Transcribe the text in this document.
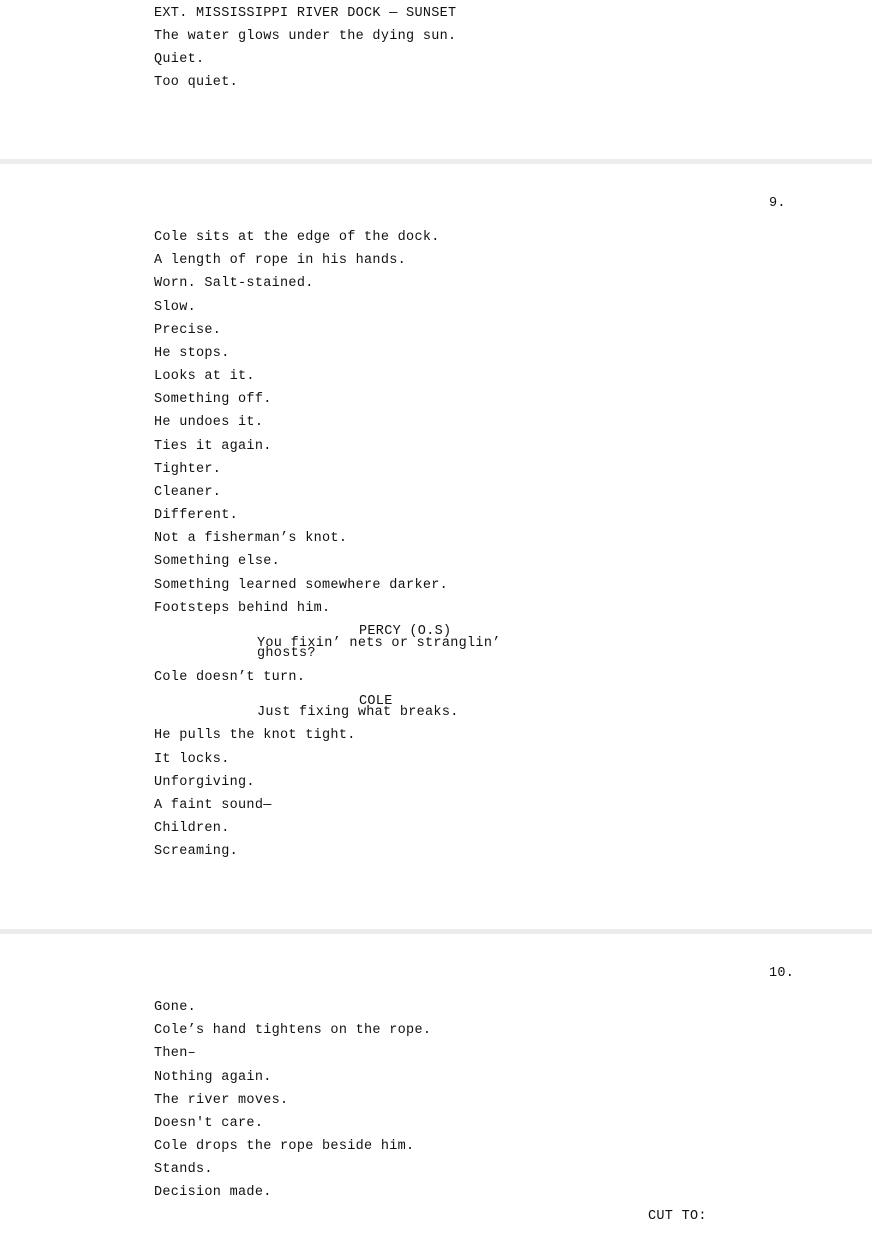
EXT. MISSISSIPPI RIVER DOCK — SUNSET
The water glows under the dying sun.
Quiet.
Too quiet.
9.
Cole sits at the edge of the dock.
A length of rope in his hands.
Worn. Salt-stained.
Slow.
Precise.
He stops.
Looks at it.
Something off.
He undoes it.
Ties it again.
Tighter.
Cleaner.
Different.
Not a fisherman’s knot.
Something else.
Something learned somewhere darker.
Footsteps behind him.
PERCY (O.S)
You fixin’ nets or stranglin’
ghosts?
Cole doesn’t turn.
COLE
Just fixing what breaks.
He pulls the knot tight.
It locks.
Unforgiving.
A faint sound—
Children.
Screaming.
10.
Gone.
Cole’s hand tightens on the rope.
Then–
Nothing again.
The river moves.
Doesn't care.
Cole drops the rope beside him.
Stands.
Decision made.
CUT TO:
